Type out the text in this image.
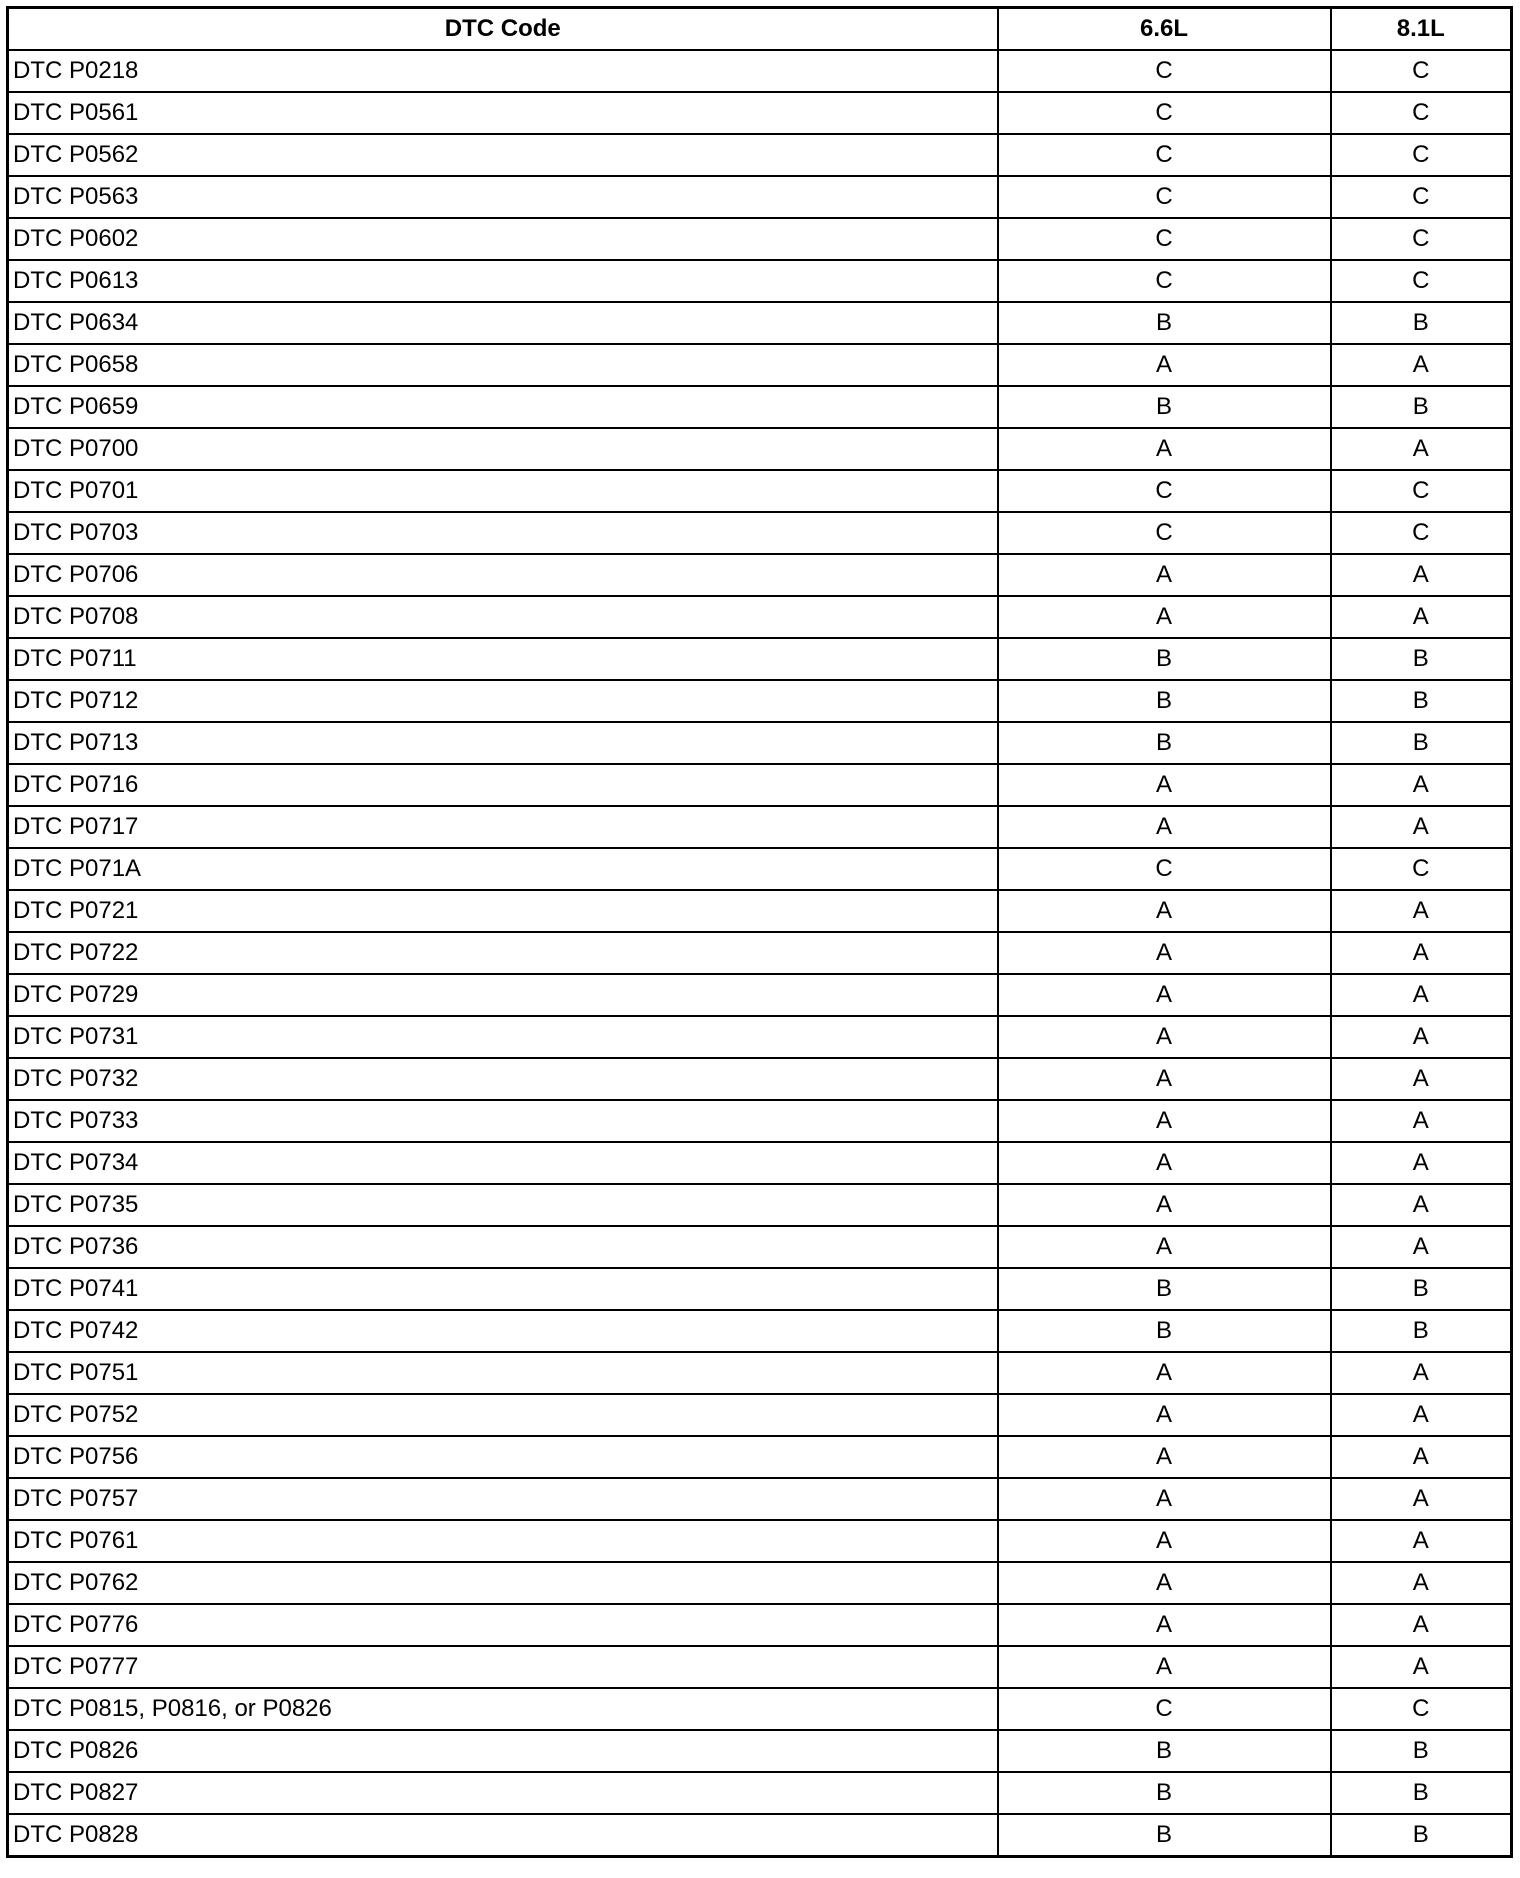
DTC Code	6.6L	8.1L
DTC P0218	C	C
DTC P0561	C	C
DTC P0562	C	C
DTC P0563	C	C
DTC P0602	C	C
DTC P0613	C	C
DTC P0634	B	B
DTC P0658	A	A
DTC P0659	B	B
DTC P0700	A	A
DTC P0701	C	C
DTC P0703	C	C
DTC P0706	A	A
DTC P0708	A	A
DTC P0711	B	B
DTC P0712	B	B
DTC P0713	B	B
DTC P0716	A	A
DTC P0717	A	A
DTC P071A	C	C
DTC P0721	A	A
DTC P0722	A	A
DTC P0729	A	A
DTC P0731	A	A
DTC P0732	A	A
DTC P0733	A	A
DTC P0734	A	A
DTC P0735	A	A
DTC P0736	A	A
DTC P0741	B	B
DTC P0742	B	B
DTC P0751	A	A
DTC P0752	A	A
DTC P0756	A	A
DTC P0757	A	A
DTC P0761	A	A
DTC P0762	A	A
DTC P0776	A	A
DTC P0777	A	A
DTC P0815, P0816, or P0826	C	C
DTC P0826	B	B
DTC P0827	B	B
DTC P0828	B	B
